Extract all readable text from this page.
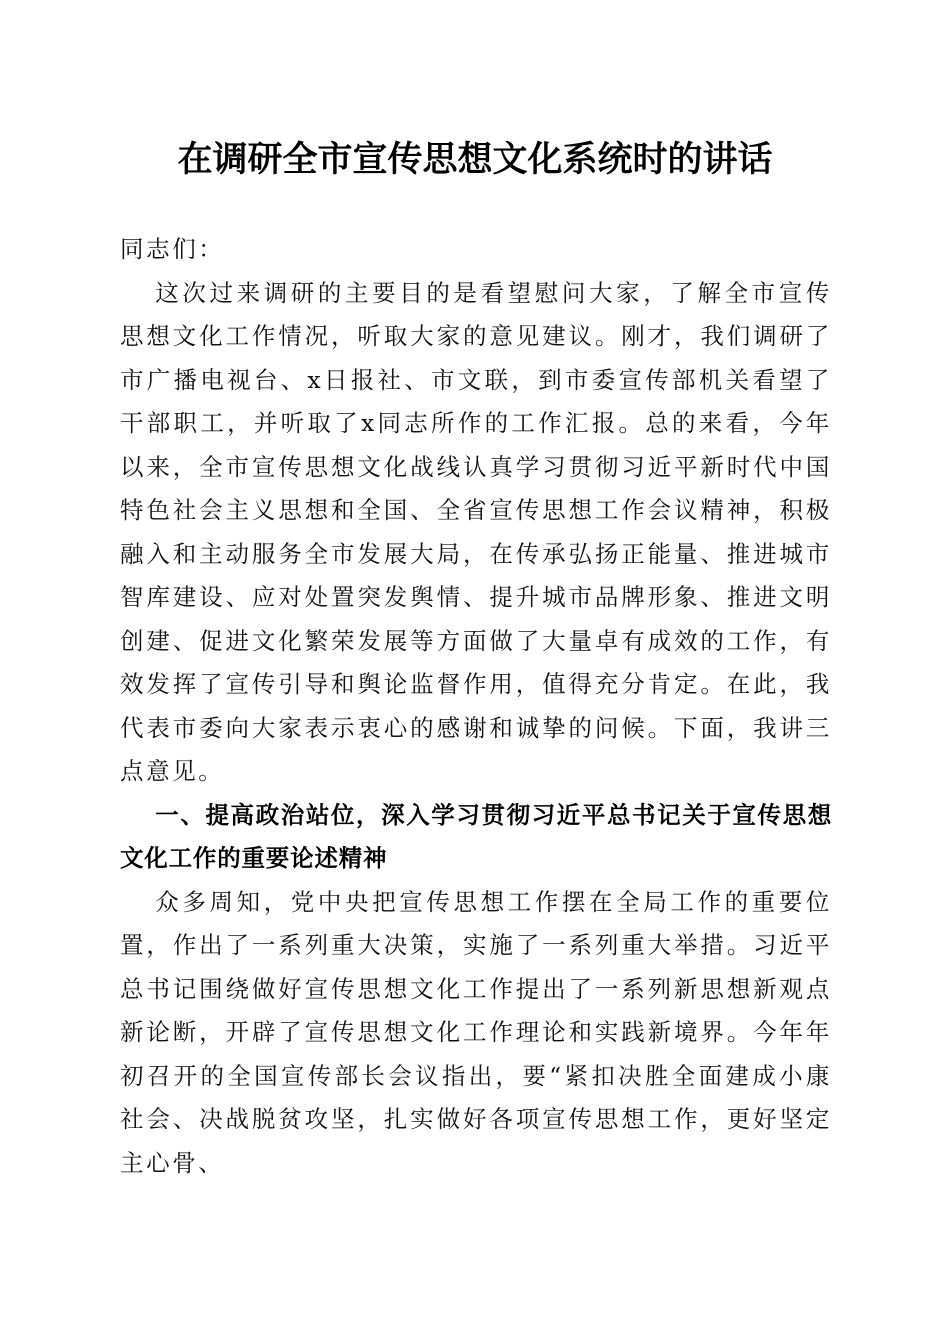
在调研全市宣传思想文化系统时的讲话

同志们：

这次过来调研的主要目的是看望慰问大家，了解全市宣传思想文化工作情况，听取大家的意见建议。刚才，我们调研了市广播电视台、x日报社、市文联，到市委宣传部机关看望了干部职工，并听取了x同志所作的工作汇报。总的来看，今年以来，全市宣传思想文化战线认真学习贯彻习近平新时代中国特色社会主义思想和全国、全省宣传思想工作会议精神，积极融入和主动服务全市发展大局，在传承弘扬正能量、推进城市智库建设、应对处置突发舆情、提升城市品牌形象、推进文明创建、促进文化繁荣发展等方面做了大量卓有成效的工作，有效发挥了宣传引导和舆论监督作用，值得充分肯定。在此，我代表市委向大家表示衷心的感谢和诚挚的问候。下面，我讲三点意见。

一、提高政治站位，深入学习贯彻习近平总书记关于宣传思想文化工作的重要论述精神

众多周知，党中央把宣传思想工作摆在全局工作的重要位置，作出了一系列重大决策，实施了一系列重大举措。习近平总书记围绕做好宣传思想文化工作提出了一系列新思想新观点新论断，开辟了宣传思想文化工作理论和实践新境界。今年年初召开的全国宣传部长会议指出，要“紧扣决胜全面建成小康社会、决战脱贫攻坚，扎实做好各项宣传思想工作，更好坚定主心骨、
